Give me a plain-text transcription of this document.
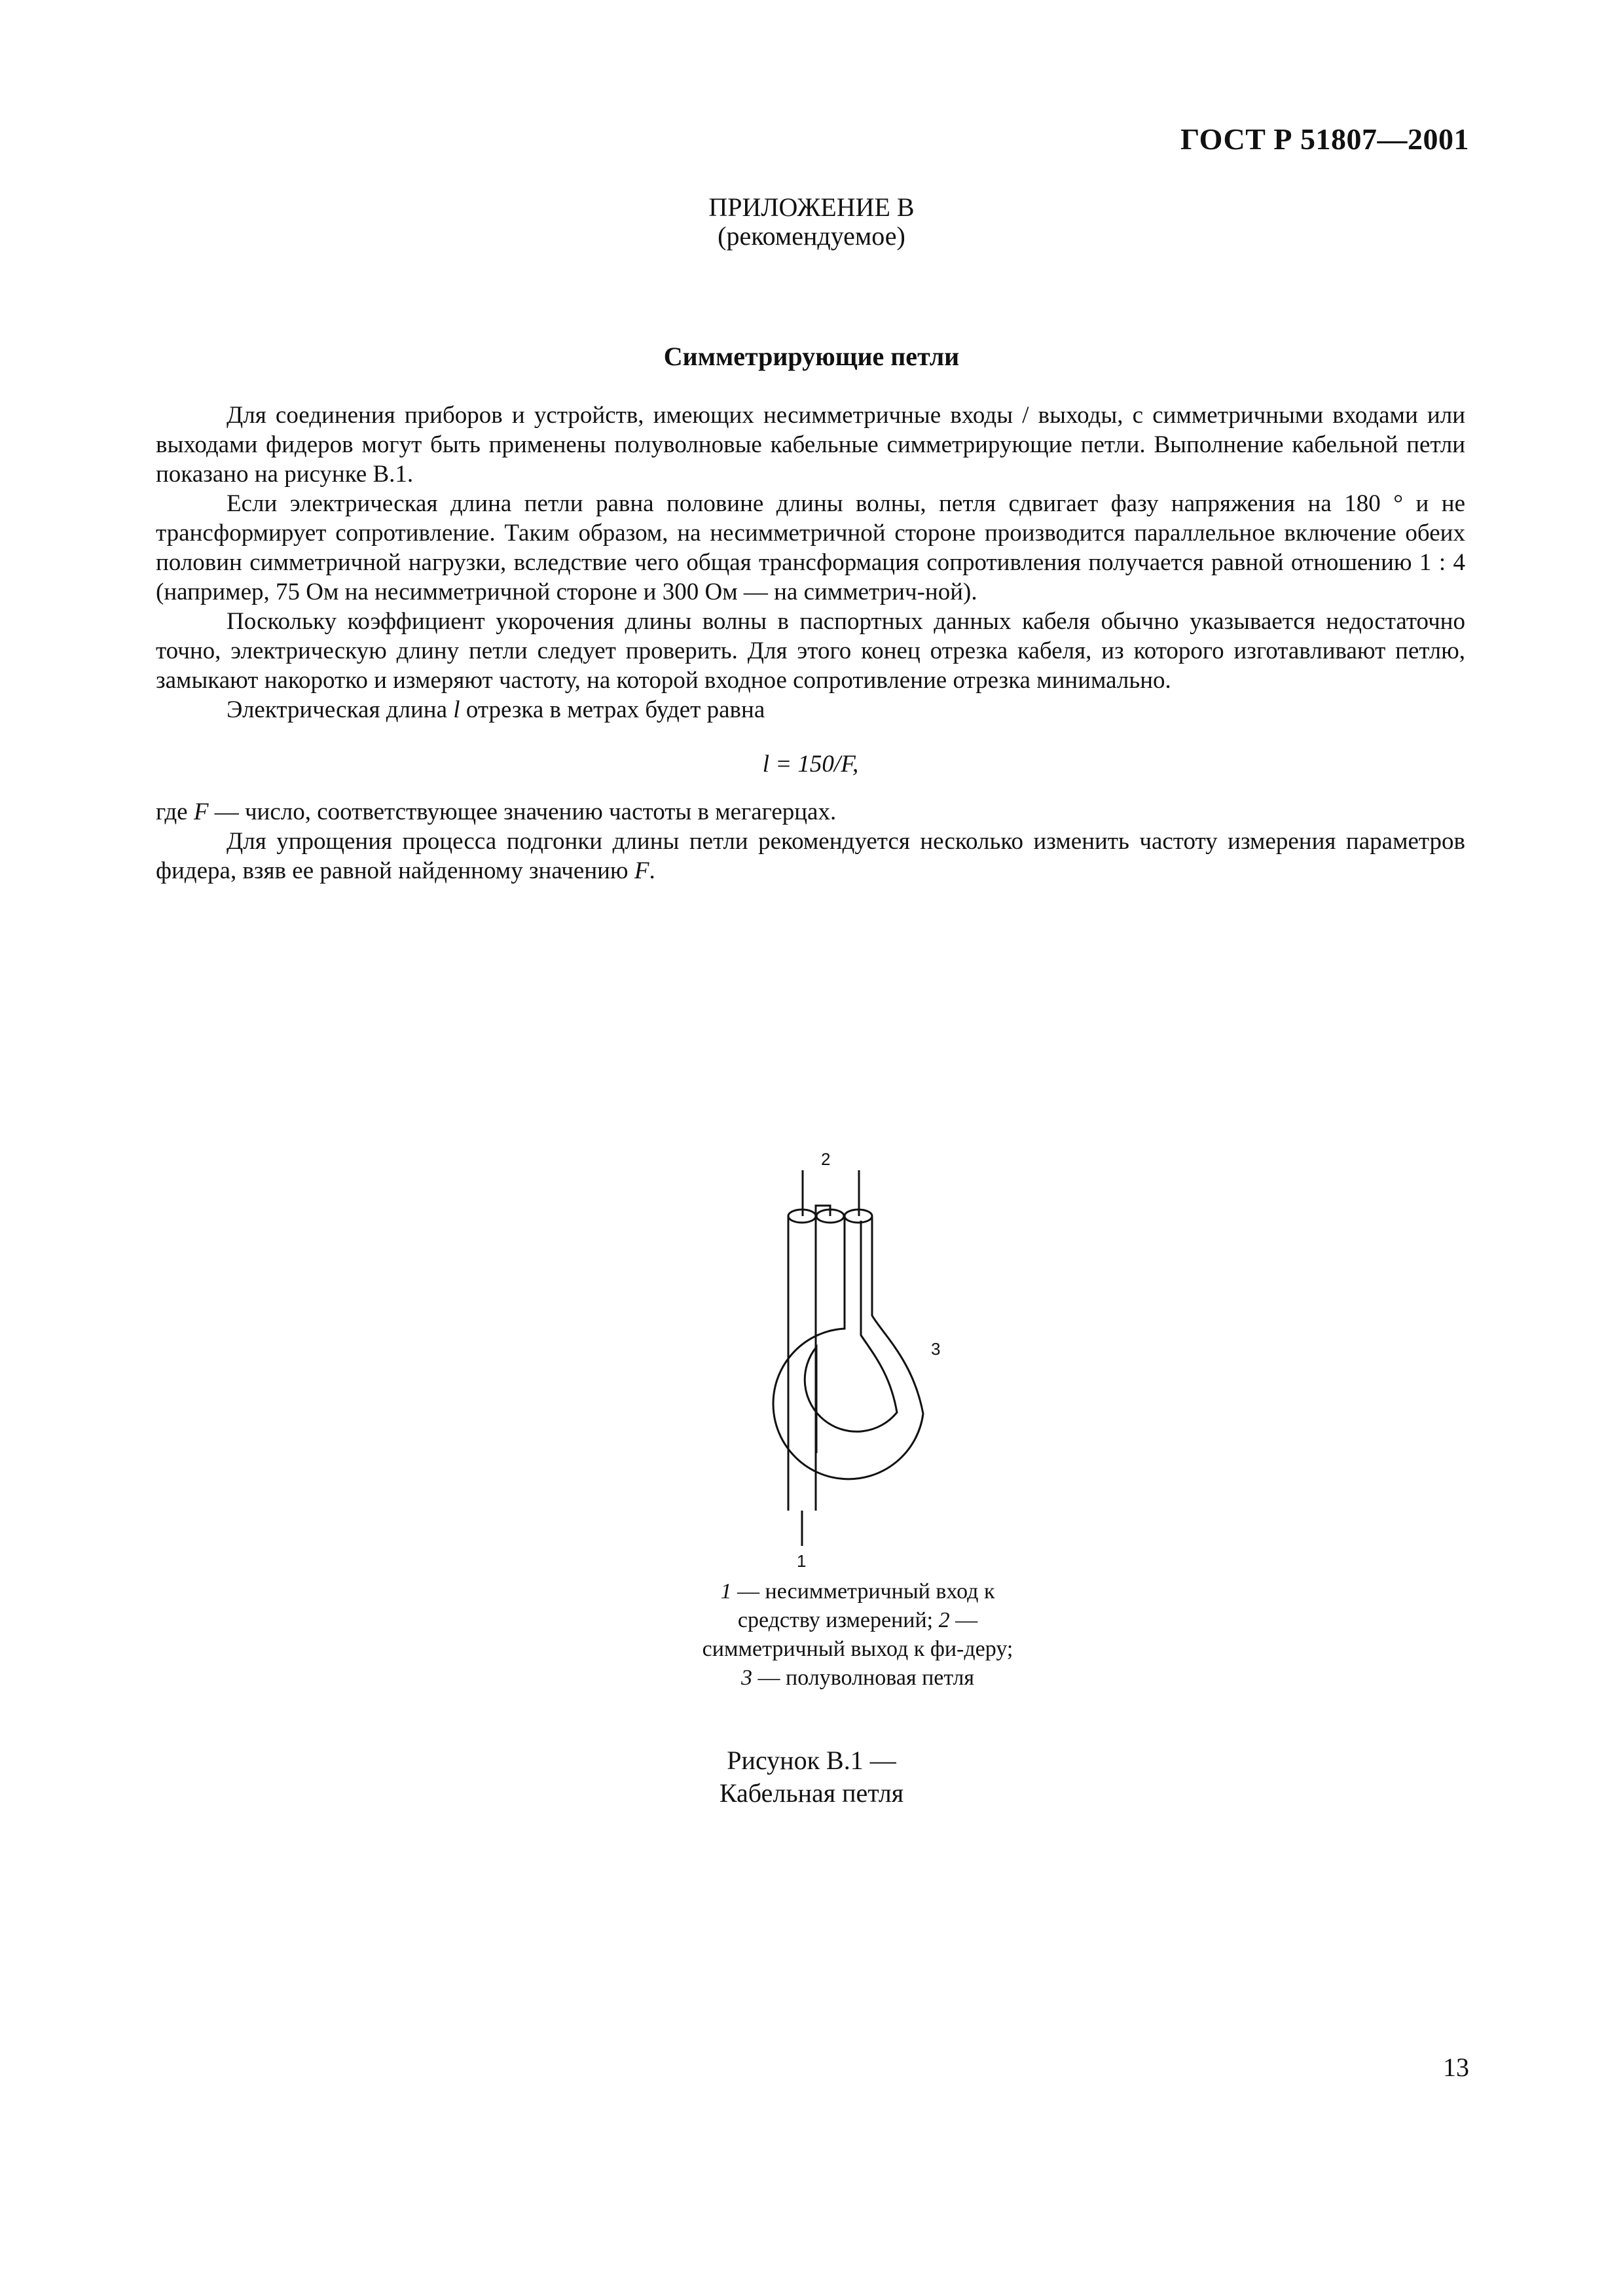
ГОСТ Р 51807—2001
ПРИЛОЖЕНИЕ В
(рекомендуемое)
Симметрирующие петли

Для соединения приборов и устройств, имеющих несимметричные входы / выходы, с симметричными входами или выходами фидеров могут быть применены полуволновые кабельные симметрирующие петли. Выполнение кабельной петли показано на рисунке В.1.

Если электрическая длина петли равна половине длины волны, петля сдвигает фазу напряжения на 180 ° и не трансформирует сопротивление. Таким образом, на несимметричной стороне производится параллельное включение обеих половин симметричной нагрузки, вследствие чего общая трансформация сопротивления получается равной отношению 1 : 4 (например, 75 Ом на несимметричной стороне и 300 Ом — на симметрич-ной).

Поскольку коэффициент укорочения длины волны в паспортных данных кабеля обычно указывается недостаточно точно, электрическую длину петли следует проверить. Для этого конец отрезка кабеля, из которого изготавливают петлю, замыкают накоротко и измеряют частоту, на которой входное сопротивление отрезка минимально.

Электрическая длина l отрезка в метрах будет равна

l = 150/F,

где F — число, соответствующее значению частоты в мегагерцах.

Для упрощения процесса подгонки длины петли рекомендуется несколько изменить частоту измерения параметров фидера, взяв ее равной найденному значению F.

2
1
3
1 — несимметричный вход к средству измерений; 2 — симметричный выход к фи-деру; 3 — полуволновая петля
Рисунок В.1 —
Кабельная петля
13
